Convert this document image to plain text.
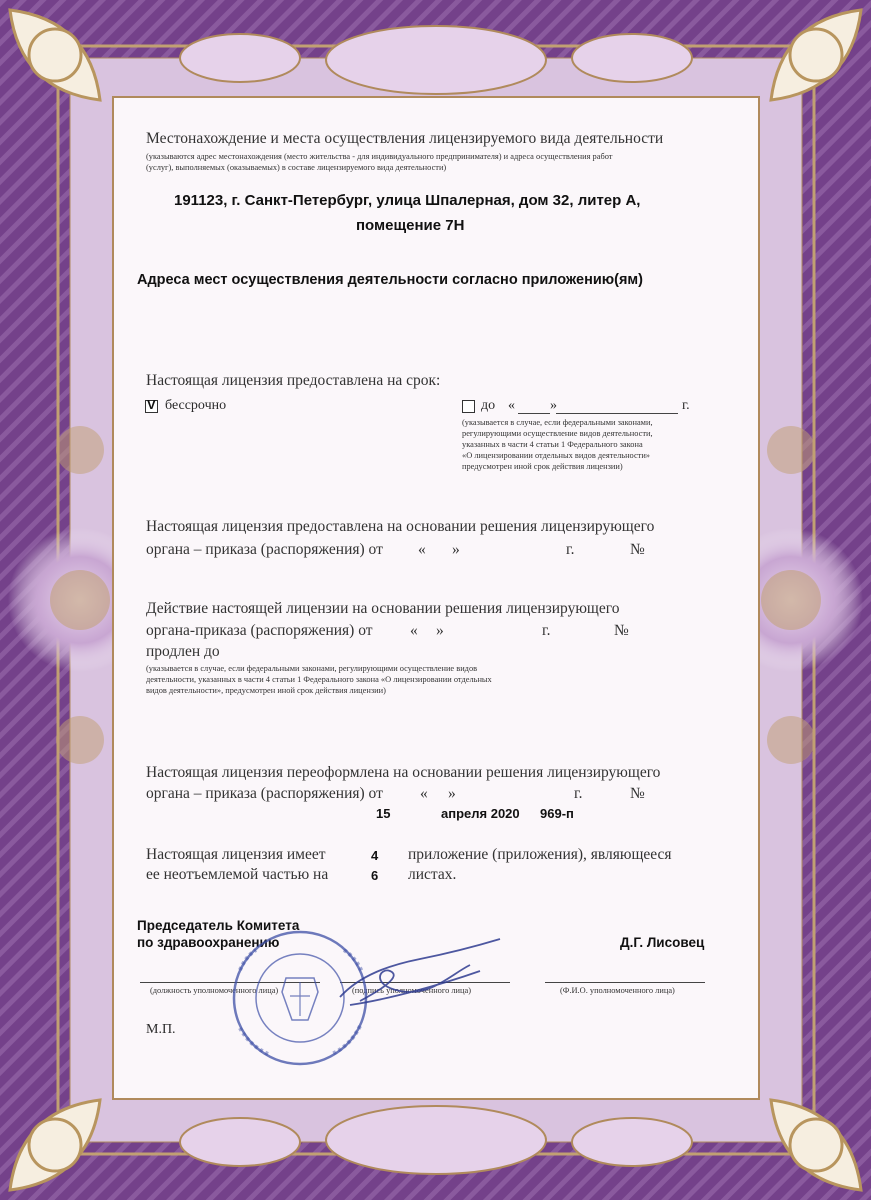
Местонахождение и места осуществления лицензируемого вида деятельности
(указываются адрес местонахождения (место жительства - для индивидуального предпринимателя) и адреса осуществления работ
(услуг), выполняемых (оказываемых) в составе лицензируемого вида деятельности)
191123, г. Санкт-Петербург, улица Шпалерная, дом 32, литер А,
помещение 7Н
Адреса мест осуществления деятельности согласно приложению(ям)
Настоящая лицензия предоставлена на срок:
V бессрочно	до «	»	г.
(указывается в случае, если федеральными законами,
регулирующими осуществление видов деятельности,
указанных в части 4 статьи 1 Федерального закона
«О лицензировании отдельных видов деятельности»
предусмотрен иной срок действия лицензии)
Настоящая лицензия предоставлена на основании решения лицензирующего
органа – приказа (распоряжения) от « »	г.	№
Действие настоящей лицензии на основании решения лицензирующего
органа-приказа (распоряжения) от « »	г.	№
продлен до
(указывается в случае, если федеральными законами, регулирующими осуществление видов
деятельности, указанных в части 4 статьи 1 Федерального закона «О лицензировании отдельных
видов деятельности», предусмотрен иной срок действия лицензии)
Настоящая лицензия переоформлена на основании решения лицензирующего
органа – приказа (распоряжения) от « »	г.	№
15	апреля 2020 969-п
Настоящая лицензия имеет	4 приложение (приложения), являющееся
ее неотъемлемой частью на	6 листах.
Председатель Комитета
по здравоохранению	Д.Г. Лисовец
(должность уполномоченного лица)	(подпись уполномоченного лица)	(Ф.И.О. уполномоченного лица)
М.П.
